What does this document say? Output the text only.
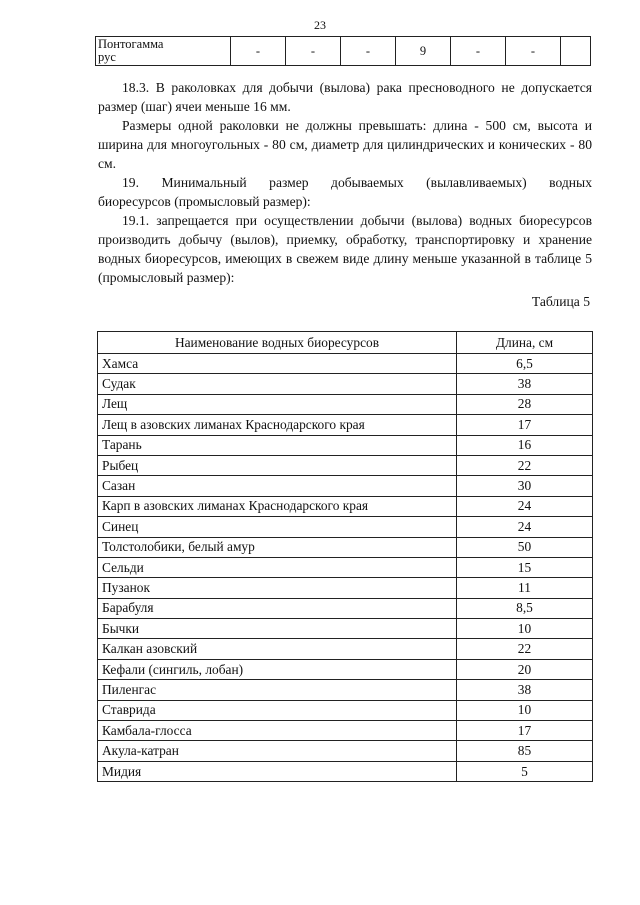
23
Понтогамма
рус	-	-	-	9	-	-	

18.3. В раколовках для добычи (вылова) рака пресноводного не допускается размер (шаг) ячеи меньше 16 мм.

Размеры одной раколовки не должны превышать: длина - 500 см, высота и ширина для многоугольных - 80 см, диаметр для цилиндрических и конических - 80 см.

19. Минимальный размер добываемых (вылавливаемых) водных

биоресурсов (промысловый размер):

19.1. запрещается при осуществлении добычи (вылова) водных биоресурсов производить добычу (вылов), приемку, обработку, транспортировку и хранение водных биоресурсов, имеющих в свежем виде длину меньше указанной в таблице 5 (промысловый размер):

Таблица 5
Наименование водных биоресурсов	Длина, см
Хамса	6,5
Судак	38
Лещ	28
Лещ в азовских лиманах Краснодарского края	17
Тарань	16
Рыбец	22
Сазан	30
Карп в азовских лиманах Краснодарского края	24
Синец	24
Толстолобики, белый амур	50
Сельди	15
Пузанок	11
Барабуля	8,5
Бычки	10
Калкан азовский	22
Кефали (сингиль, лобан)	20
Пиленгас	38
Ставрида	10
Камбала-глосса	17
Акула-катран	85
Мидия	5
